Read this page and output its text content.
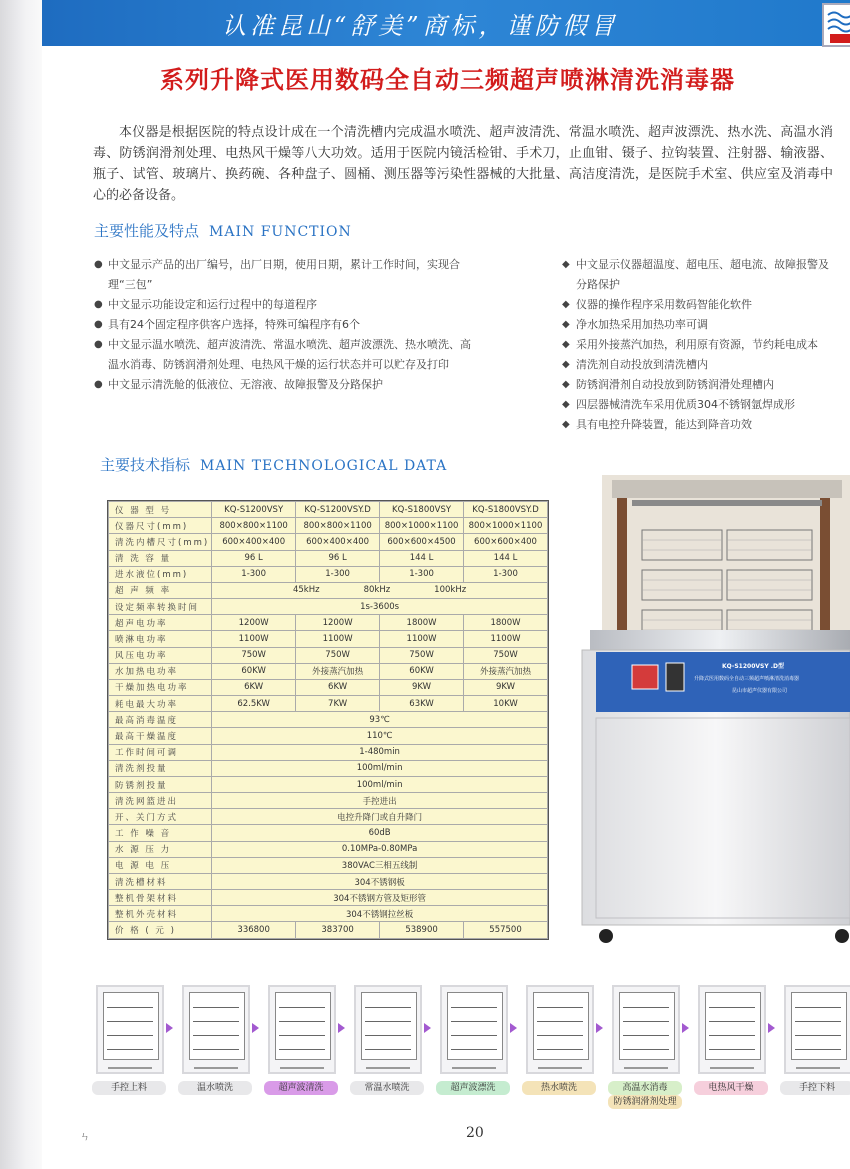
认准昆山“舒美”商标，谨防假冒
系列升降式医用数码全自动三频超声喷淋清洗消毒器
本仪器是根据医院的特点设计成在一个清洗槽内完成温水喷洗、超声波清洗、常温水喷洗、超声波漂洗、热水洗、高温水消毒、防锈润滑剂处理、电热风干燥等八大功效。适用于医院内镜活检钳、手术刀，止血钳、镊子、拉钩装置、注射器、输液器、瓶子、试管、玻璃片、换药碗、各种盘子、圆桶、测压器等污染性器械的大批量、高洁度清洗，是医院手术室、供应室及消毒中心的必备设备。
主要性能及特点 MAIN FUNCTION
● 中文显示产品的出厂编号，出厂日期，使用日期，累计工作时间，实现合理“三包”
● 中文显示功能设定和运行过程中的每道程序
● 具有24个固定程序供客户选择，特殊可编程序有6个
● 中文显示温水喷洗、超声波清洗、常温水喷洗、超声波漂洗、热水喷洗、高温水消毒、防锈润滑剂处理、电热风干燥的运行状态并可以贮存及打印
● 中文显示清洗舱的低液位、无溶液、故障报警及分路保护
◆ 中文显示仪器超温度、超电压、超电流、故障报警及分路保护
◆ 仪器的操作程序采用数码智能化软件
◆ 净水加热采用加热功率可调
◆ 采用外接蒸汽加热，利用原有资源，节约耗电成本
◆ 清洗剂自动投放到清洗槽内
◆ 防锈润滑剂自动投放到防锈润滑处理槽内
◆ 四层器械清洗车采用优质304不锈钢氩焊成形
◆ 具有电控升降装置，能达到降音功效
主要技术指标 MAIN TECHNOLOGICAL DATA
仪 器 型 号	KQ-S1200VSY	KQ-S1200VSY.D	KQ-S1800VSY	KQ-S1800VSY.D
仪器尺寸(mm)	800×800×1100	800×800×1100	800×1000×1100	800×1000×1100
清洗内槽尺寸(mm)	600×400×400	600×400×400	600×600×4500	600×600×400
清 洗 容 量	96 L	96 L	144 L	144 L
进水液位(mm)	1-300	1-300	1-300	1-300
超 声 频 率	45kHz 80kHz 100kHz			
设定频率转换时间	1s-3600s			
超声电功率	1200W	1200W	1800W	1800W
喷淋电功率	1100W	1100W	1100W	1100W
风压电功率	750W	750W	750W	750W
水加热电功率	60KW	外接蒸汽加热	60KW	外接蒸汽加热
干燥加热电功率	6KW	6KW	9KW	9KW
耗电最大功率	62.5KW	7KW	63KW	10KW
最高消毒温度	93℃			
最高干燥温度	110℃			
工作时间可调	1-480min			
清洗剂投量	100ml/min			
防锈剂投量	100ml/min			
清洗网篮进出	手控进出			
开、关门方式	电控升降门或自升降门			
工 作 噪 音	60dB			
水 源 压 力	0.10MPa-0.80MPa			
电 源 电 压	380VAC三相五线制			
清洗槽材料	304不锈钢板			
整机骨架材料	304不锈钢方管及矩形管			
整机外壳材料	304不锈钢拉丝板			
价 格 ( 元 )	336800	383700	538900	557500
KQ-S1200VSY .D型
升降式医用数码全自动三频超声喷淋清洗消毒器
昆山市超声仪器有限公司
手控上料	温水喷洗	超声波清洗	常温水喷洗	超声波漂洗	热水喷洗	高温水消毒	电热风干燥	手控下料
防锈润滑剂处理
20
ㄣ
